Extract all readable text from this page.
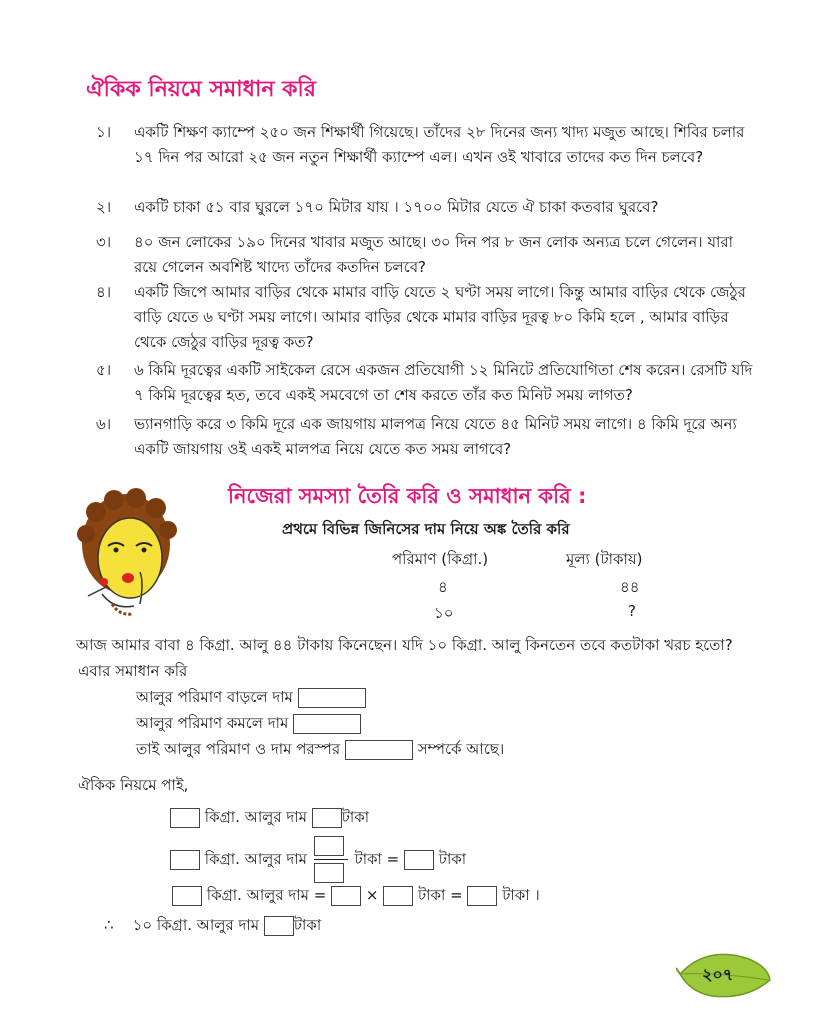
ঐকিক নিয়মে সমাধান করি
১।	একটি শিক্ষণ ক্যাম্পে ২৫০ জন শিক্ষার্থী গিয়েছে। তাঁদের ২৮ দিনের জন্য খাদ্য মজুত আছে। শিবির চলার ১৭ দিন পর আরো ২৫ জন নতুন শিক্ষার্থী ক্যাম্পে এল। এখন ওই খাবারে তাদের কত দিন চলবে?
২।	একটি চাকা ৫১ বার ঘুরলে ১৭০ মিটার যায় । ১৭০০ মিটার যেতে ঐ চাকা কতবার ঘুরবে?
৩।	৪০ জন লোকের ১৯০ দিনের খাবার মজুত আছে। ৩০ দিন পর ৮ জন লোক অন্যত্র চলে গেলেন। যারা রয়ে গেলেন অবশিষ্ট খাদ্যে তাঁদের কতদিন চলবে?
৪।	একটি জিপে আমার বাড়ির থেকে মামার বাড়ি যেতে ২ ঘণ্টা সময় লাগে। কিন্তু আমার বাড়ির থেকে জেঠুর বাড়ি যেতে ৬ ঘণ্টা সময় লাগে। আমার বাড়ির থেকে মামার বাড়ির দূরত্ব ৮০ কিমি হলে , আমার বাড়ির থেকে জেঠুর বাড়ির দূরত্ব কত?
৫।	৬ কিমি দূরত্বের একটি সাইকেল রেসে একজন প্রতিযোগী ১২ মিনিটে প্রতিযোগিতা শেষ করেন। রেসটি যদি ৭ কিমি দূরত্বের হত, তবে একই সমবেগে তা শেষ করতে তাঁর কত মিনিট সময় লাগত?
৬।	ভ্যানগাড়ি করে ৩ কিমি দূরে এক জায়গায় মালপত্র নিয়ে যেতে ৪৫ মিনিট সময় লাগে। ৪ কিমি দূরে অন্য একটি জায়গায় ওই একই মালপত্র নিয়ে যেতে কত সময় লাগবে?
নিজেরা সমস্যা তৈরি করি ও সমাধান করি :
প্রথমে বিভিন্ন জিনিসের দাম নিয়ে অঙ্ক তৈরি করি
পরিমাণ (কিগ্রা.)	মূল্য (টাকায়)
৪	৪৪
১০	?
আজ আমার বাবা ৪ কিগ্রা. আলু ৪৪ টাকায় কিনেছেন। যদি ১০ কিগ্রা. আলু কিনতেন তবে কতটাকা খরচ হতো?
এবার সমাধান করি
আলুর পরিমাণ বাড়লে দাম
আলুর পরিমাণ কমলে দাম
তাই আলুর পরিমাণ ও দাম পরস্পর	সম্পর্কে আছে।
ঐকিক নিয়মে পাই,
কিগ্রা. আলুর দাম টাকা
কিগ্রা. আলুর দাম	টাকা =	টাকা
কিগ্রা. আলুর দাম =	×	টাকা =	টাকা ।
∴ ১০ কিগ্রা. আলুর দাম টাকা
২০৭
